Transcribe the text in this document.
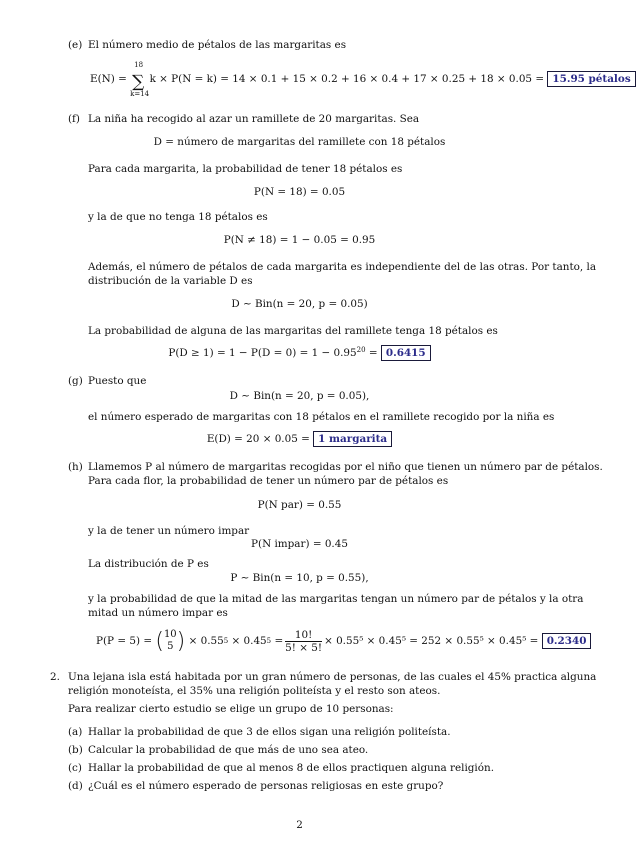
(e) El número medio de pétalos de las margaritas es
E(N) = ∑
18
k=14
k × P(N = k) = 14 × 0.1 + 15 × 0.2 + 16 × 0.4 + 17 × 0.25 + 18 × 0.05 = 15.95 pétalos
(f) La niña ha recogido al azar un ramillete de 20 margaritas. Sea
D = número de margaritas del ramillete con 18 pétalos
Para cada margarita, la probabilidad de tener 18 pétalos es
P(N = 18) = 0.05
y la de que no tenga 18 pétalos es
P(N ≠ 18) = 1 − 0.05 = 0.95
Además, el número de pétalos de cada margarita es independiente del de las otras. Por tanto, la
distribución de la variable D es
D ∼ Bin(n = 20, p = 0.05)
La probabilidad de alguna de las margaritas del ramillete tenga 18 pétalos es
$P(D \ge 1) = 1 - P(D = 0) = 1 - 0.95^{20} = 0.6415$
(g) Puesto que
D ∼ Bin(n = 20, p = 0.05),
el número esperado de margaritas con 18 pétalos en el ramillete recogido por la niña es
E(D) = 20 × 0.05 = 1 margarita
(h) Llamemos P al número de margaritas recogidas por el niño que tienen un número par de pétalos.
Para cada flor, la probabilidad de tener un número par de pétalos es
P(N par) = 0.55
y la de tener un número impar
P(N impar) = 0.45
La distribución de P es
P ∼ Bin(n = 10, p = 0.55),
y la probabilidad de que la mitad de las margaritas tengan un número par de pétalos y la otra
mitad un número impar es
P(P = 5) =
( 10
5 )
× 0.55 5
× 0.45 5
= $\frac{10!}{5! \times 5!} \times 0.55^5 \times 0.45^5 = 252 \times 0.55^5 \times 0.45^5$ =
0.2340
2. Una lejana isla está habitada por un gran número de personas, de las cuales el 45% practica alguna
religión monoteísta, el 35% una religión politeísta y el resto son ateos.
Para realizar cierto estudio se elige un grupo de 10 personas:
(a) Hallar la probabilidad de que 3 de ellos sigan una religión politeísta.
(b) Calcular la probabilidad de que más de uno sea ateo.
(c) Hallar la probabilidad de que al menos 8 de ellos practiquen alguna religión.
(d) ¿Cuál es el número esperado de personas religiosas en este grupo?
2
